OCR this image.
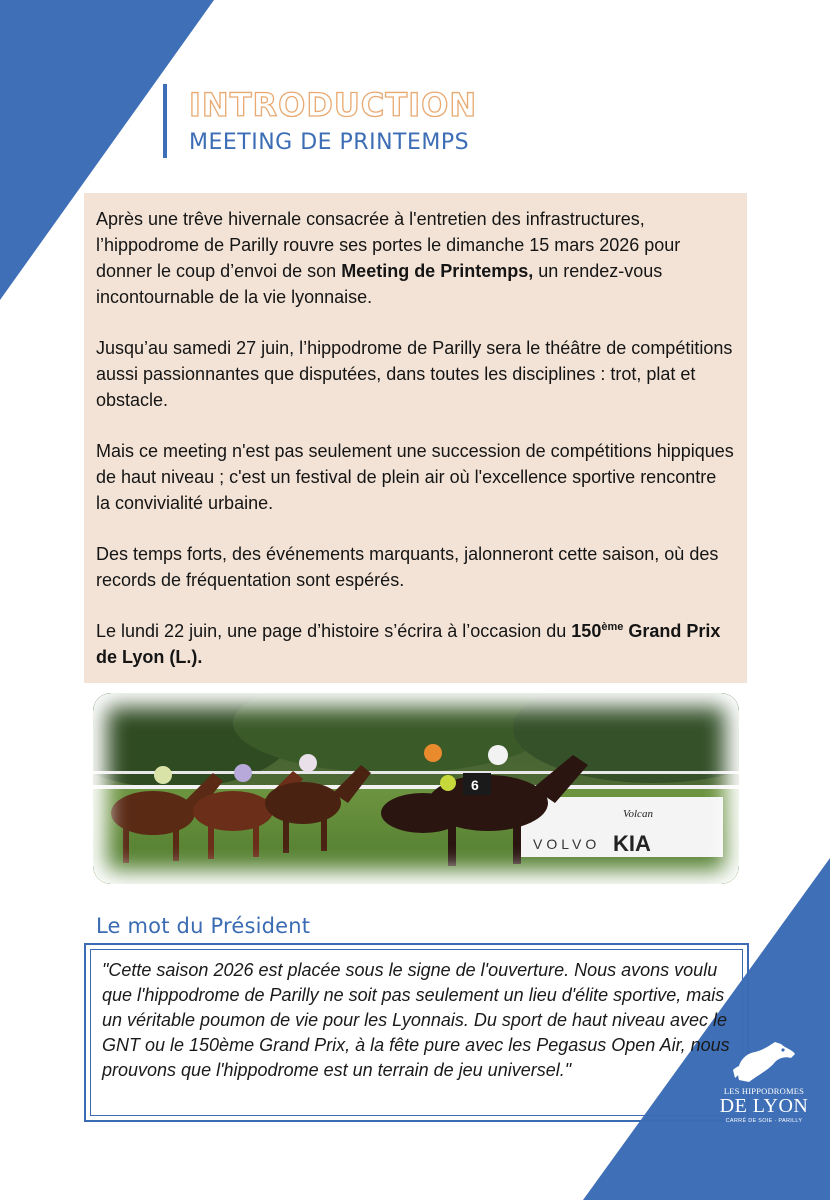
INTRODUCTION
MEETING DE PRINTEMPS

Après une trêve hivernale consacrée à l'entretien des infrastructures, l’hippodrome de Parilly rouvre ses portes le dimanche 15 mars 2026 pour donner le coup d’envoi de son Meeting de Printemps, un rendez-vous incontournable de la vie lyonnaise.

Jusqu’au samedi 27 juin, l’hippodrome de Parilly sera le théâtre de compétitions aussi passionnantes que disputées, dans toutes les disciplines : trot, plat et obstacle.

Mais ce meeting n'est pas seulement une succession de compétitions hippiques de haut niveau ; c'est un festival de plein air où l'excellence sportive rencontre la convivialité urbaine.

Des temps forts, des événements marquants, jalonneront cette saison, où des records de fréquentation sont espérés.

Le lundi 22 juin, une page d’histoire s’écrira à l’occasion du 150ème Grand Prix de Lyon (L.).

VOLVO KIA
Volcan
6
Le mot du Président

"Cette saison 2026 est placée sous le signe de l'ouverture. Nous avons voulu que l'hippodrome de Parilly ne soit pas seulement un lieu d'élite sportive, mais un véritable poumon de vie pour les Lyonnais. Du sport de haut niveau avec le GNT ou le 150ème Grand Prix, à la fête pure avec les Pegasus Open Air, nous prouvons que l'hippodrome est un terrain de jeu universel."

LES HIPPODROMES
DE LYON
CARRÉ DE SOIE · PARILLY
